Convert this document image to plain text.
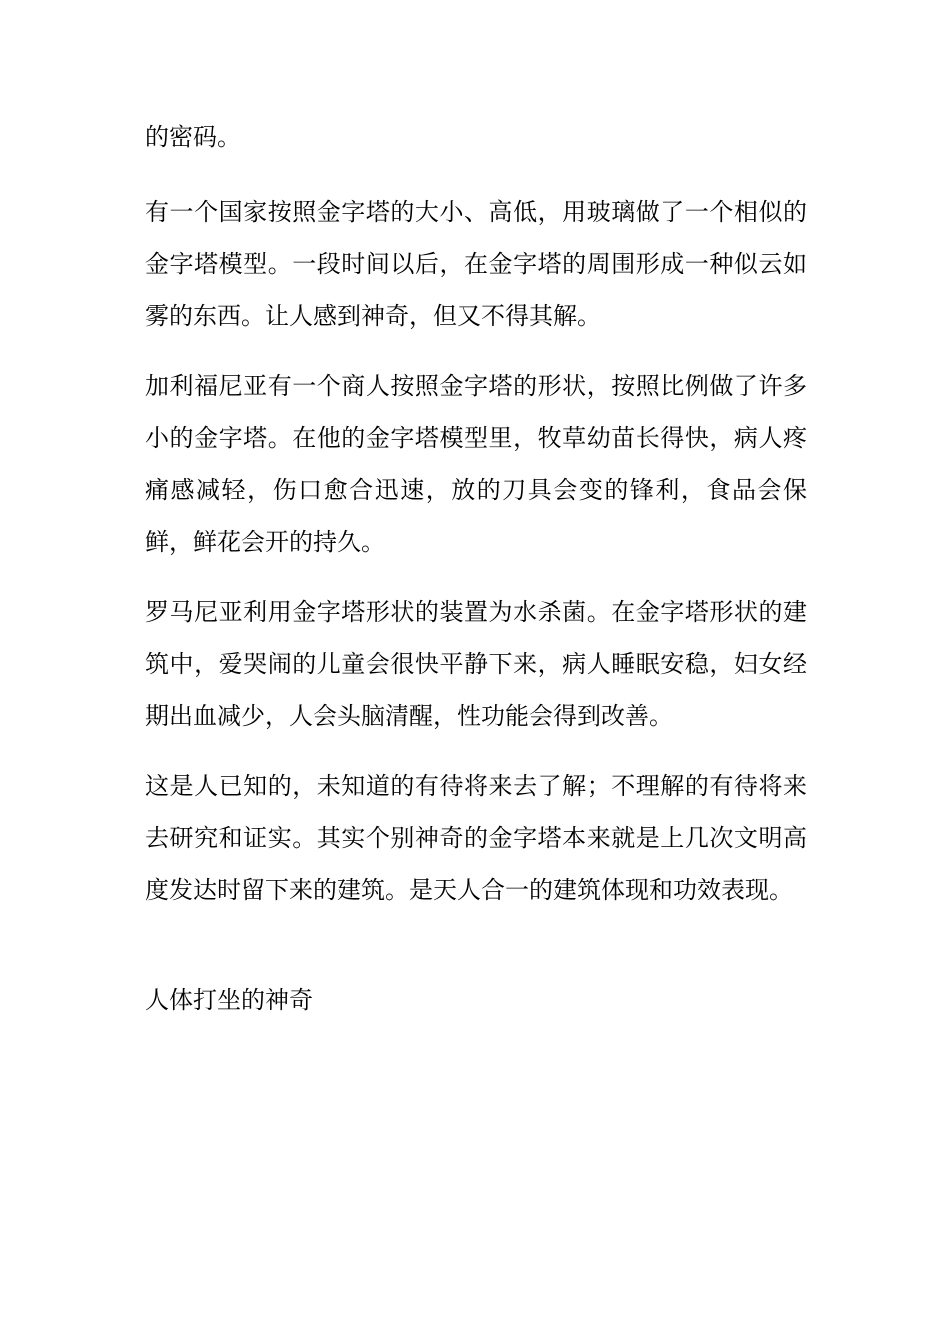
的密码。

有一个国家按照金字塔的大小、高低，用玻璃做了一个相似的金字塔模型。一段时间以后，在金字塔的周围形成一种似云如雾的东西。让人感到神奇，但又不得其解。

加利福尼亚有一个商人按照金字塔的形状，按照比例做了许多小的金字塔。在他的金字塔模型里，牧草幼苗长得快，病人疼痛感减轻，伤口愈合迅速，放的刀具会变的锋利，食品会保鲜，鲜花会开的持久。

罗马尼亚利用金字塔形状的装置为水杀菌。在金字塔形状的建筑中，爱哭闹的儿童会很快平静下来，病人睡眠安稳，妇女经期出血减少，人会头脑清醒，性功能会得到改善。

这是人已知的，未知道的有待将来去了解；不理解的有待将来去研究和证实。其实个别神奇的金字塔本来就是上几次文明高度发达时留下来的建筑。是天人合一的建筑体现和功效表现。

人体打坐的神奇
